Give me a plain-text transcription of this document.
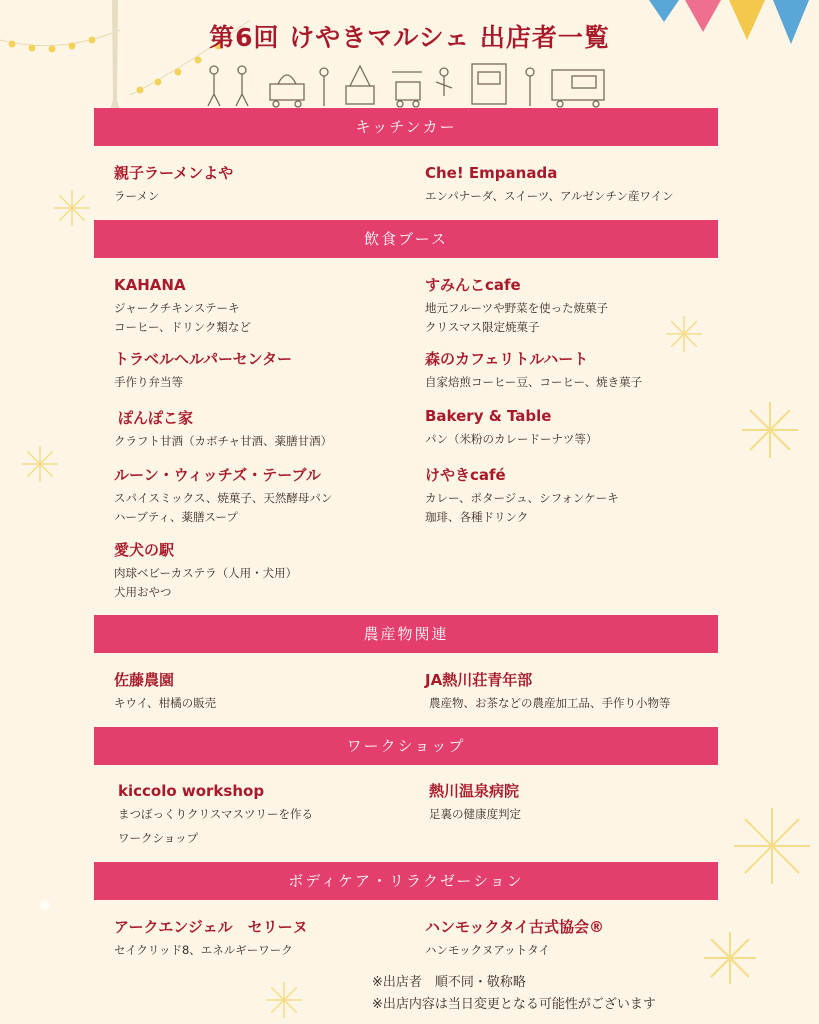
第6回 けやきマルシェ 出店者一覧
キッチンカー
親子ラーメンよや
ラーメン
Che! Empanada
エンパナーダ、スイーツ、アルゼンチン産ワイン
飲食ブース
KAHANA
ジャークチキンステーキ
コーヒー、ドリンク類など
すみんこcafe
地元フルーツや野菜を使った焼菓子
クリスマス限定焼菓子
トラベルヘルパーセンター
手作り弁当等
森のカフェリトルハート
自家焙煎コーヒー豆、コーヒー、焼き菓子
ぽんぽこ家
クラフト甘酒（カボチャ甘酒、薬膳甘酒）
Bakery & Table
パン（米粉のカレードーナツ等）
ルーン・ウィッチズ・テーブル
スパイスミックス、焼菓子、天然酵母パン
ハーブティ、薬膳スープ
けやきcafé
カレー、ポタージュ、シフォンケーキ
珈琲、各種ドリンク
愛犬の駅
肉球ベビーカステラ（人用・犬用）
犬用おやつ
農産物関連
佐藤農園
キウイ、柑橘の販売
JA熱川荘青年部
農産物、お茶などの農産加工品、手作り小物等
ワークショップ
kiccolo workshop
まつぼっくりクリスマスツリーを作る
ワークショップ
熱川温泉病院
足裏の健康度判定
ボディケア・リラクゼーション
アークエンジェル　セリーヌ
セイクリッド8、エネルギーワーク
ハンモックタイ古式協会®
ハンモックヌアットタイ
※出店者　順不同・敬称略
※出店内容は当日変更となる可能性がございます
